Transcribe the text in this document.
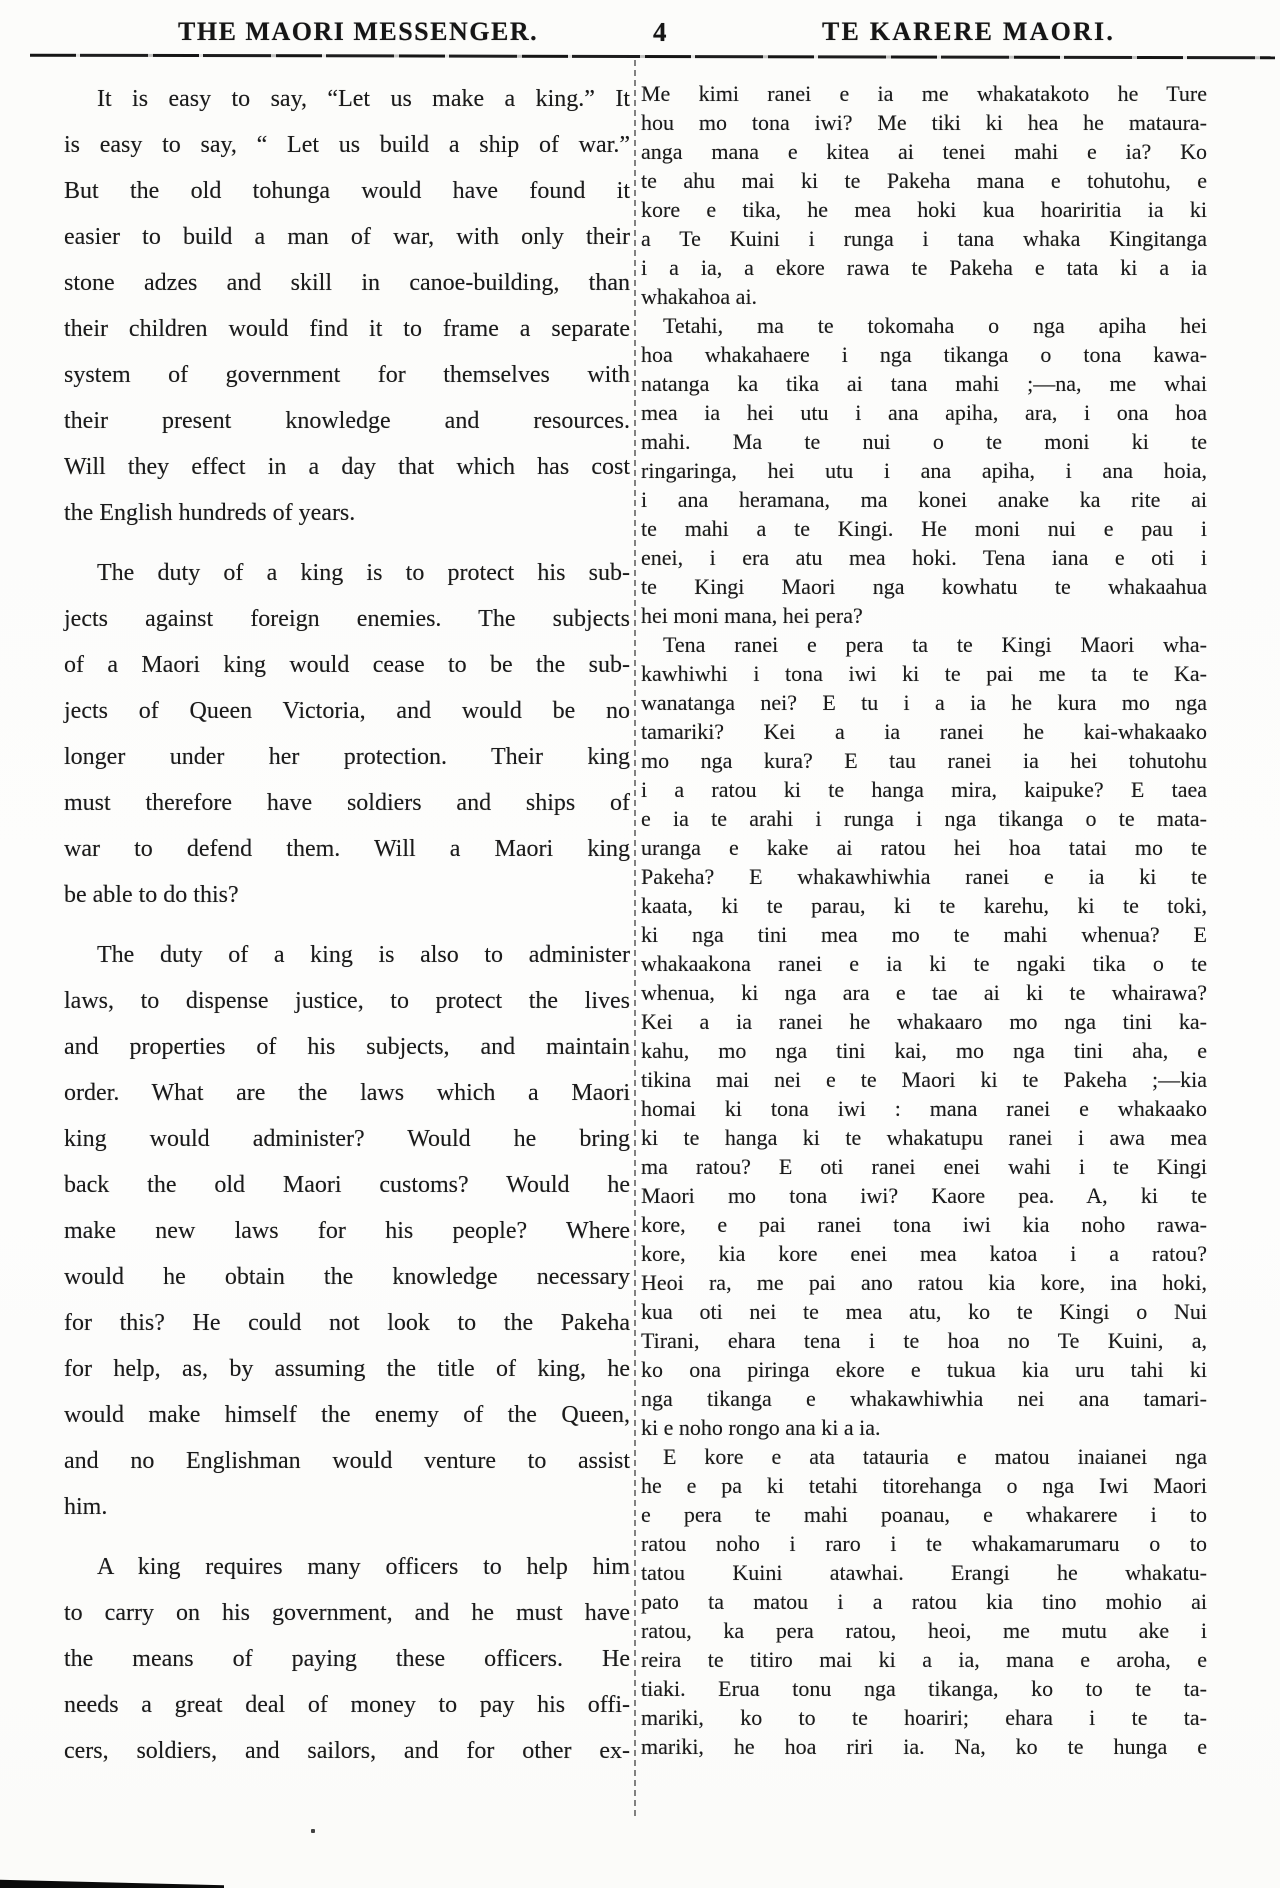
THE MAORI MESSENGER.	4	TE KARERE MAORI.
It is easy to say, “Let us make a king.” It
is easy to say, “ Let us build a ship of war.”
But the old tohunga would have found it
easier to build a man of war, with only their
stone adzes and skill in canoe-building, than
their children would find it to frame a separate
system of government for themselves with
their present knowledge and resources.
Will they effect in a day that which has cost
the English hundreds of years.
The duty of a king is to protect his sub-
jects against foreign enemies. The subjects
of a Maori king would cease to be the sub-
jects of Queen Victoria, and would be no
longer under her protection. Their king
must therefore have soldiers and ships of
war to defend them. Will a Maori king
be able to do this?
The duty of a king is also to administer
laws, to dispense justice, to protect the lives
and properties of his subjects, and maintain
order. What are the laws which a Maori
king would administer? Would he bring
back the old Maori customs? Would he
make new laws for his people? Where
would he obtain the knowledge necessary
for this? He could not look to the Pakeha
for help, as, by assuming the title of king, he
would make himself the enemy of the Queen,
and no Englishman would venture to assist
him.
A king requires many officers to help him
to carry on his government, and he must have
the means of paying these officers. He
needs a great deal of money to pay his offi-
cers, soldiers, and sailors, and for other ex-
Me kimi ranei e ia me whakatakoto he Ture
hou mo tona iwi? Me tiki ki hea he mataura-
anga mana e kitea ai tenei mahi e ia? Ko
te ahu mai ki te Pakeha mana e tohutohu, e
kore e tika, he mea hoki kua hoariritia ia ki
a Te Kuini i runga i tana whaka Kingitanga
i a ia, a ekore rawa te Pakeha e tata ki a ia
whakahoa ai.
Tetahi, ma te tokomaha o nga apiha hei
hoa whakahaere i nga tikanga o tona kawa-
natanga ka tika ai tana mahi ;—na, me whai
mea ia hei utu i ana apiha, ara, i ona hoa
mahi. Ma te nui o te moni ki te
ringaringa, hei utu i ana apiha, i ana hoia,
i ana heramana, ma konei anake ka rite ai
te mahi a te Kingi. He moni nui e pau i
enei, i era atu mea hoki. Tena iana e oti i
te Kingi Maori nga kowhatu te whakaahua
hei moni mana, hei pera?
Tena ranei e pera ta te Kingi Maori wha-
kawhiwhi i tona iwi ki te pai me ta te Ka-
wanatanga nei? E tu i a ia he kura mo nga
tamariki? Kei a ia ranei he kai-whakaako
mo nga kura? E tau ranei ia hei tohutohu
i a ratou ki te hanga mira, kaipuke? E taea
e ia te arahi i runga i nga tikanga o te mata-
uranga e kake ai ratou hei hoa tatai mo te
Pakeha? E whakawhiwhia ranei e ia ki te
kaata, ki te parau, ki te karehu, ki te toki,
ki nga tini mea mo te mahi whenua? E
whakaakona ranei e ia ki te ngaki tika o te
whenua, ki nga ara e tae ai ki te whairawa?
Kei a ia ranei he whakaaro mo nga tini ka-
kahu, mo nga tini kai, mo nga tini aha, e
tikina mai nei e te Maori ki te Pakeha ;—kia
homai ki tona iwi : mana ranei e whakaako
ki te hanga ki te whakatupu ranei i awa mea
ma ratou? E oti ranei enei wahi i te Kingi
Maori mo tona iwi? Kaore pea. A, ki te
kore, e pai ranei tona iwi kia noho rawa-
kore, kia kore enei mea katoa i a ratou?
Heoi ra, me pai ano ratou kia kore, ina hoki,
kua oti nei te mea atu, ko te Kingi o Nui
Tirani, ehara tena i te hoa no Te Kuini, a,
ko ona piringa ekore e tukua kia uru tahi ki
nga tikanga e whakawhiwhia nei ana tamari-
ki e noho rongo ana ki a ia.
E kore e ata tatauria e matou inaianei nga
he e pa ki tetahi titorehanga o nga Iwi Maori
e pera te mahi poanau, e whakarere i to
ratou noho i raro i te whakamarumaru o to
tatou Kuini atawhai. Erangi he whakatu-
pato ta matou i a ratou kia tino mohio ai
ratou, ka pera ratou, heoi, me mutu ake i
reira te titiro mai ki a ia, mana e aroha, e
tiaki. Erua tonu nga tikanga, ko to te ta-
mariki, ko to te hoariri; ehara i te ta-
mariki, he hoa riri ia. Na, ko te hunga e
